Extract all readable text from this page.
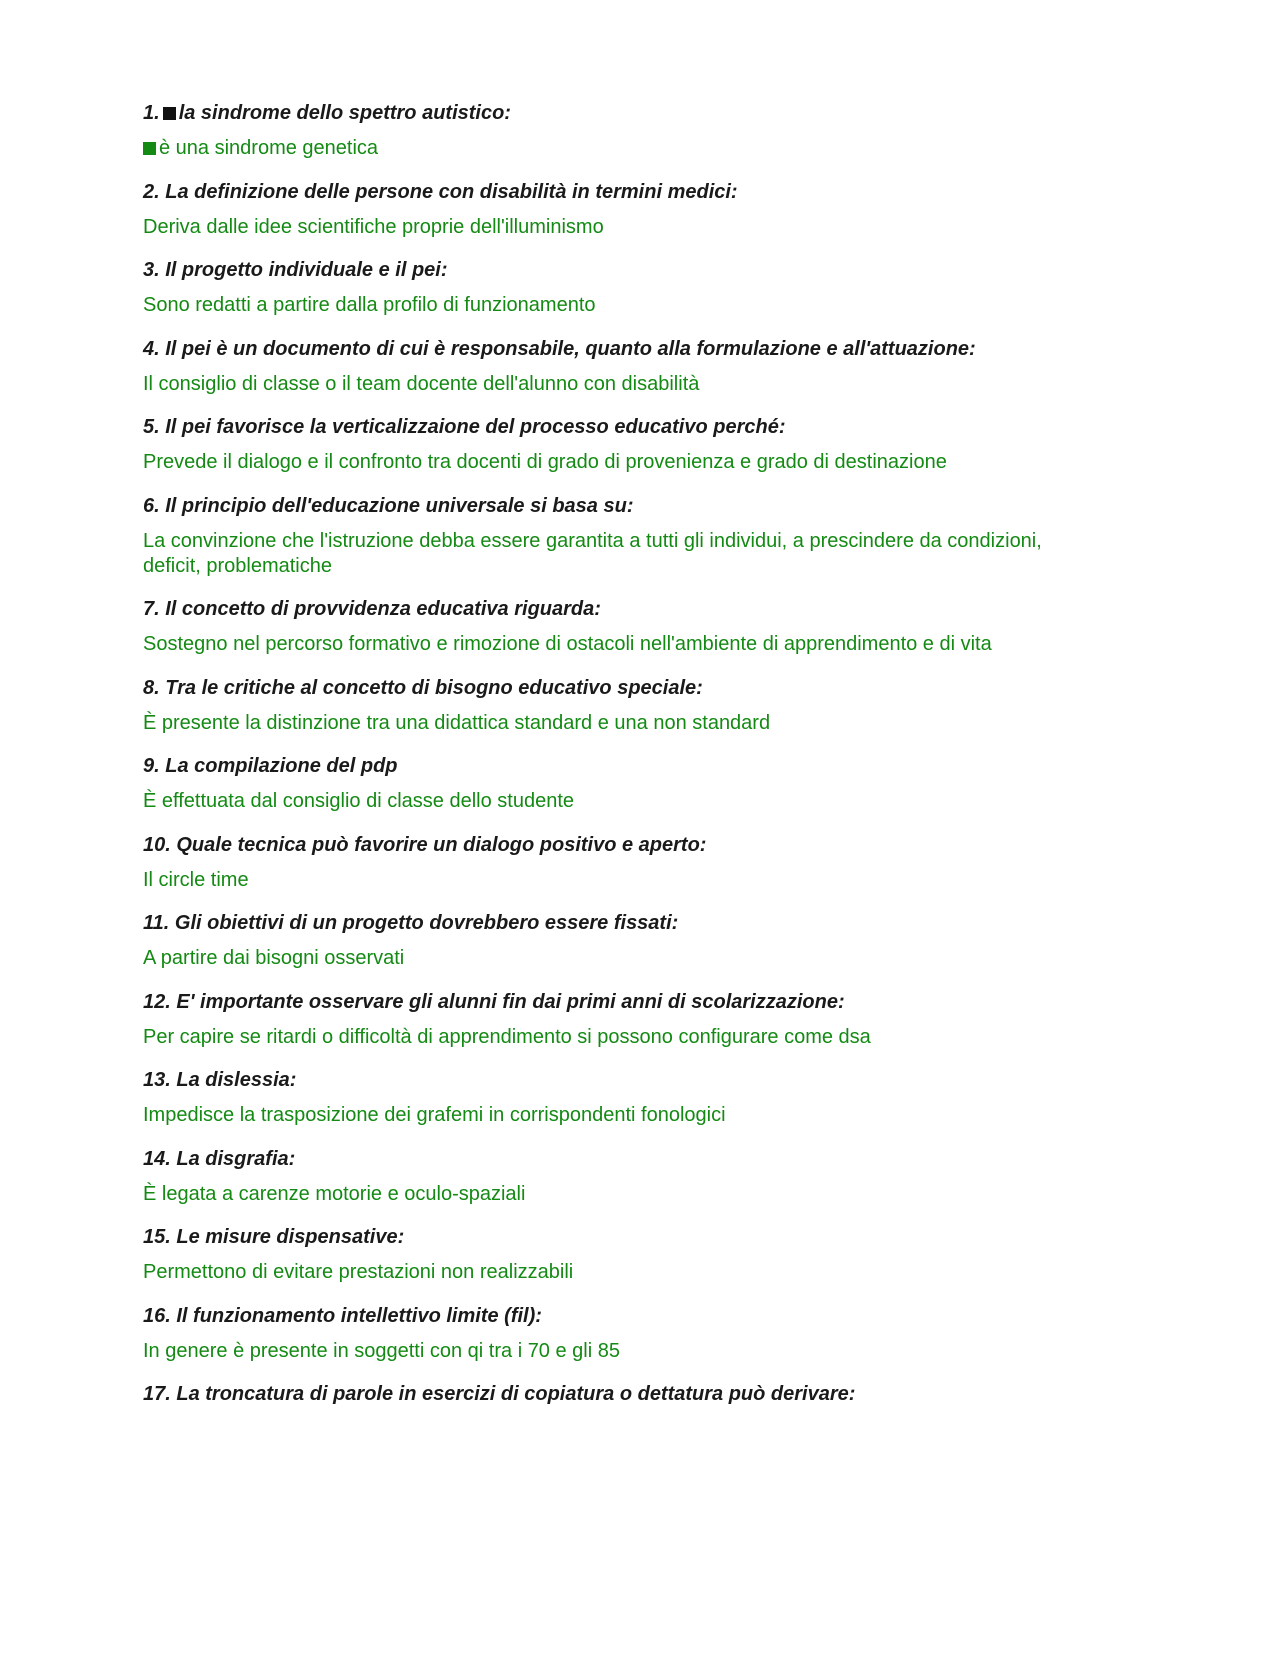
1. la sindrome dello spettro autistico:
è una sindrome genetica
2. La definizione delle persone con disabilità in termini medici:
Deriva dalle idee scientifiche proprie dell'illuminismo
3. Il progetto individuale e il pei:
Sono redatti a partire dalla profilo di funzionamento
4. Il pei è un documento di cui è responsabile, quanto alla formulazione e all'attuazione:
Il consiglio di classe o il team docente dell'alunno con disabilità
5. Il pei favorisce la verticalizzaione del processo educativo perché:
Prevede il dialogo e il confronto tra docenti di grado di provenienza e grado di destinazione
6. Il principio dell'educazione universale si basa su:
La convinzione che l'istruzione debba essere garantita a tutti gli individui, a prescindere da condizioni, deficit, problematiche
7. Il concetto di provvidenza educativa riguarda:
Sostegno nel percorso formativo e rimozione di ostacoli nell'ambiente di apprendimento e di vita
8. Tra le critiche al concetto di bisogno educativo speciale:
È presente la distinzione tra una didattica standard e una non standard
9. La compilazione del pdp
È effettuata dal consiglio di classe dello studente
10. Quale tecnica può favorire un dialogo positivo e aperto:
Il circle time
11. Gli obiettivi di un progetto dovrebbero essere fissati:
A partire dai bisogni osservati
12. E' importante osservare gli alunni fin dai primi anni di scolarizzazione:
Per capire se ritardi o difficoltà di apprendimento si possono configurare come dsa
13. La dislessia:
Impedisce la trasposizione dei grafemi in corrispondenti fonologici
14. La disgrafia:
È legata a carenze motorie e oculo-spaziali
15. Le misure dispensative:
Permettono di evitare prestazioni non realizzabili
16. Il funzionamento intellettivo limite (fil):
In genere è presente in soggetti con qi tra i 70 e gli 85
17. La troncatura di parole in esercizi di copiatura o dettatura può derivare:
